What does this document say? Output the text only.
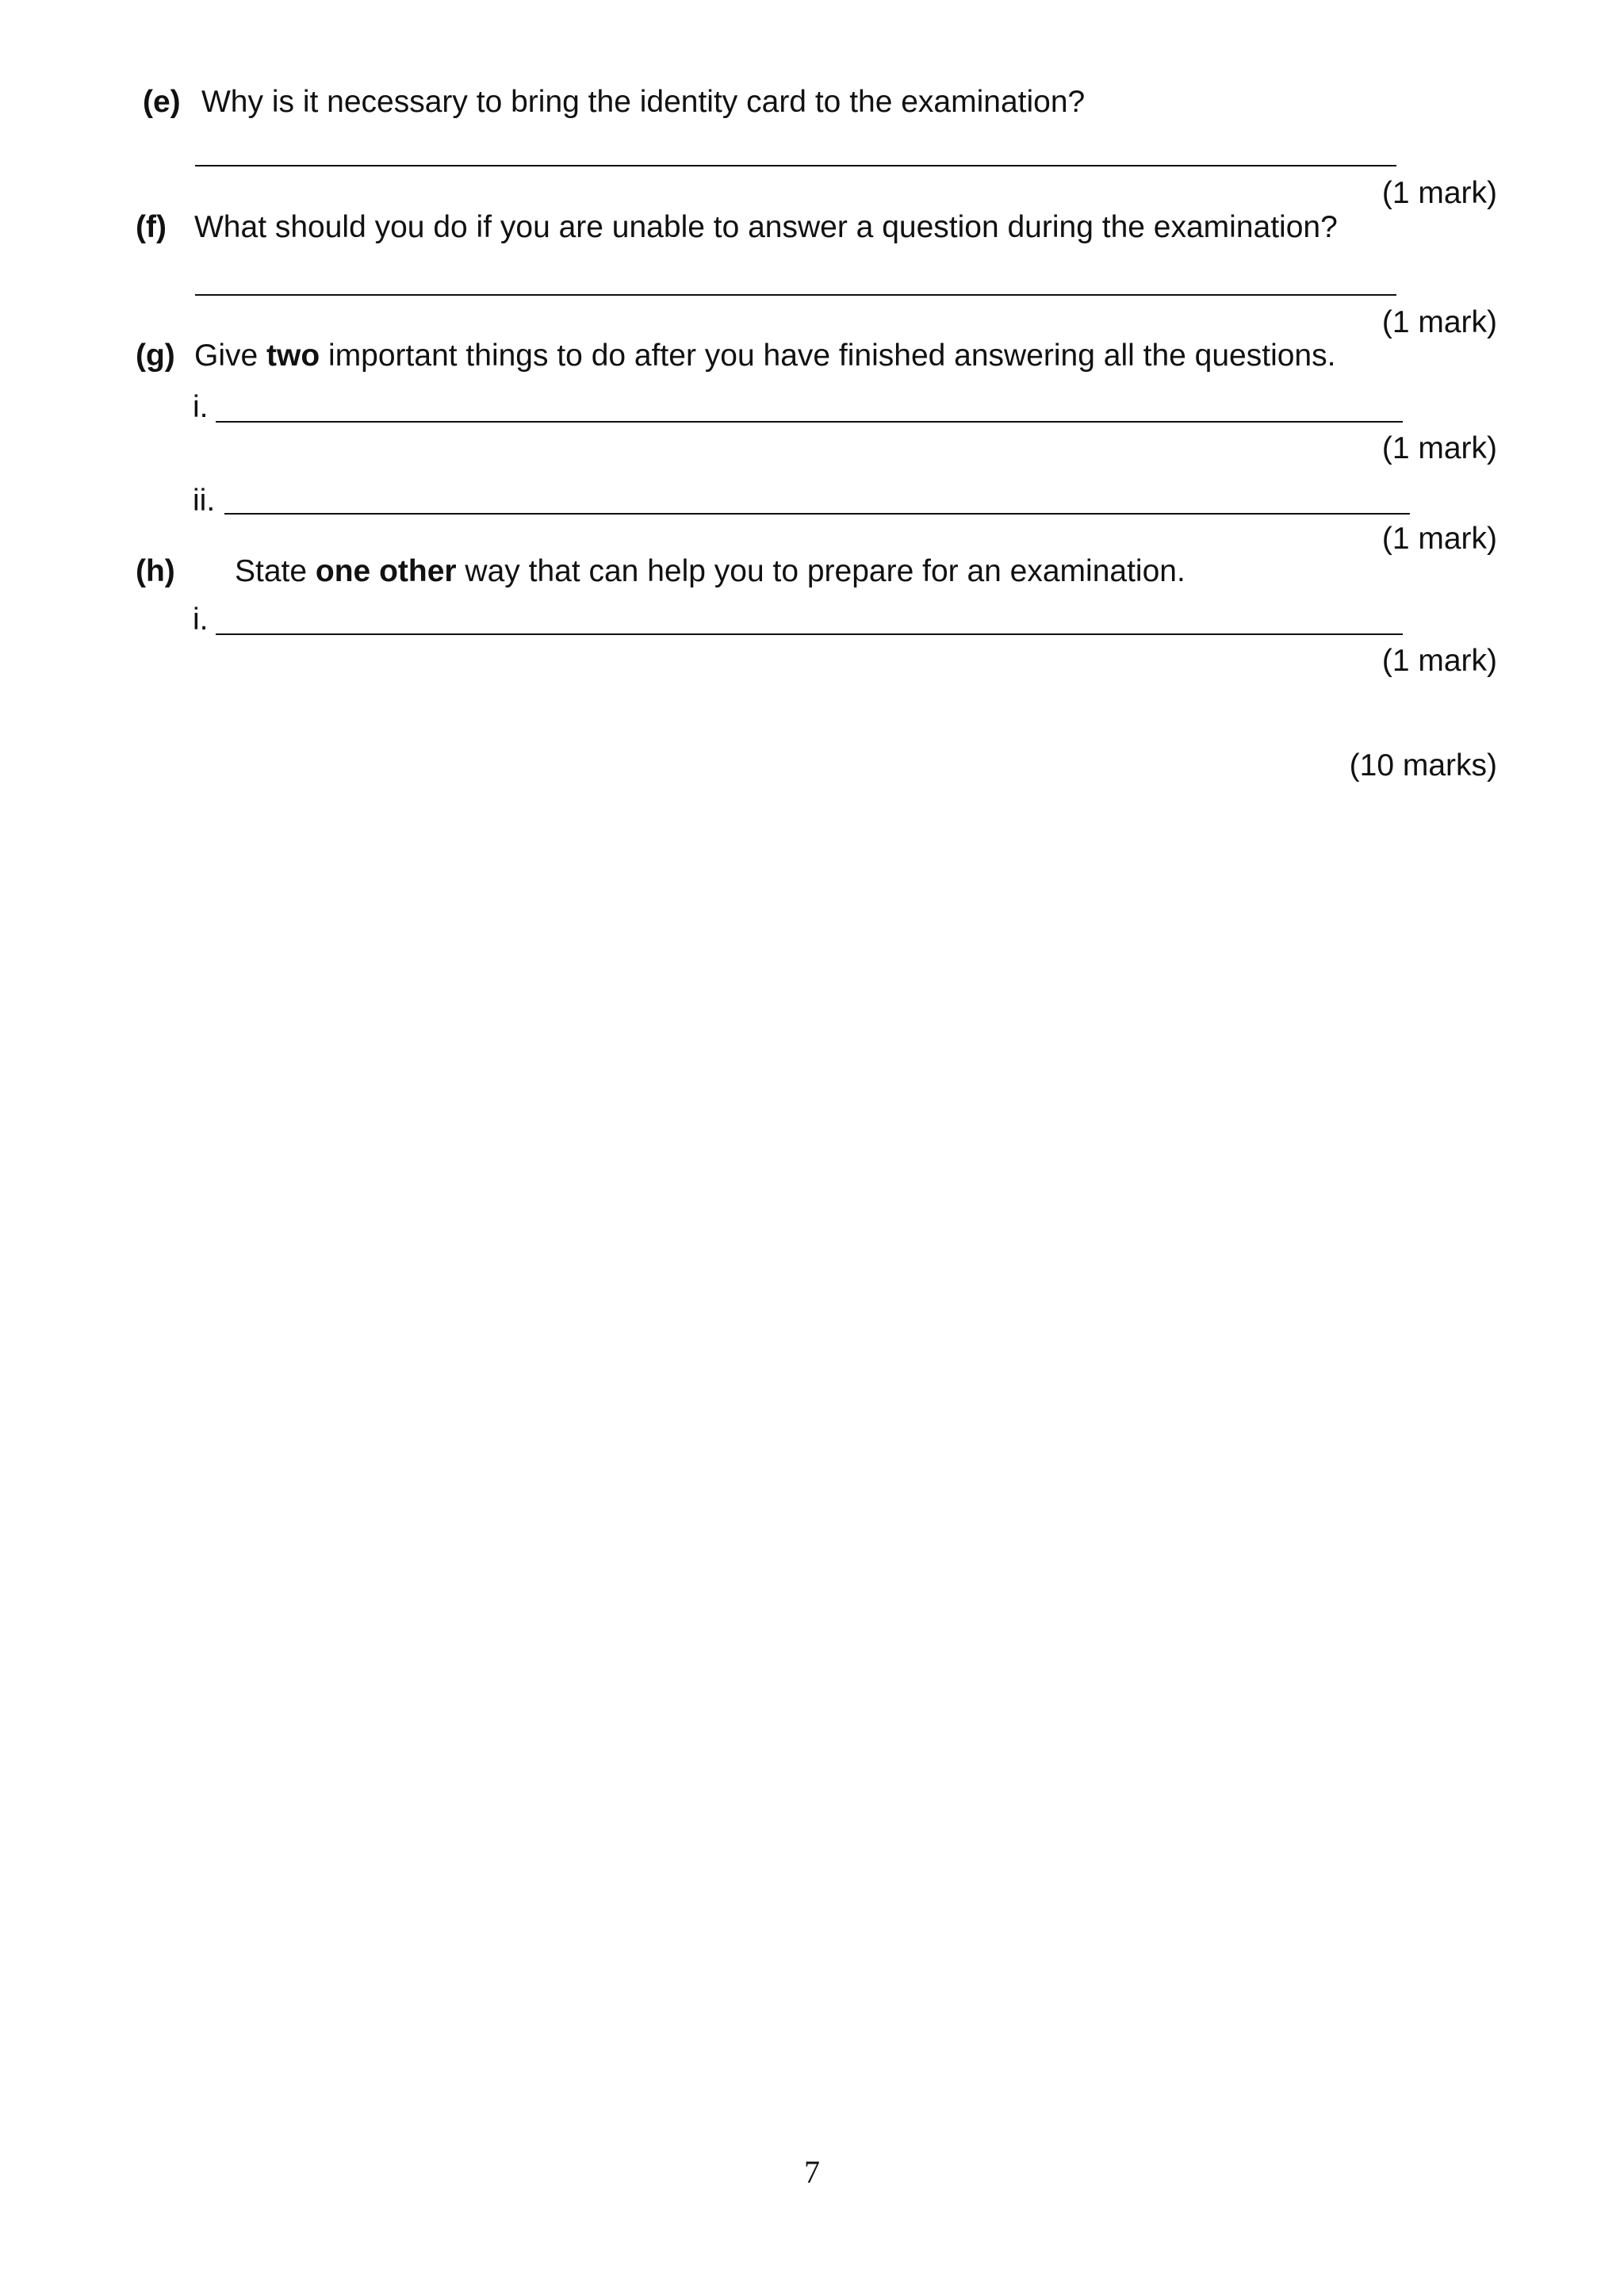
(e) Why is it necessary to bring the identity card to the examination?
(1 mark)
(f) What should you do if you are unable to answer a question during the examination?
(1 mark)
(g) Give two important things to do after you have finished answering all the questions.
i.
(1 mark)
ii.
(1 mark)
(h) State one other way that can help you to prepare for an examination.
i.
(1 mark)
(10 marks)
7
